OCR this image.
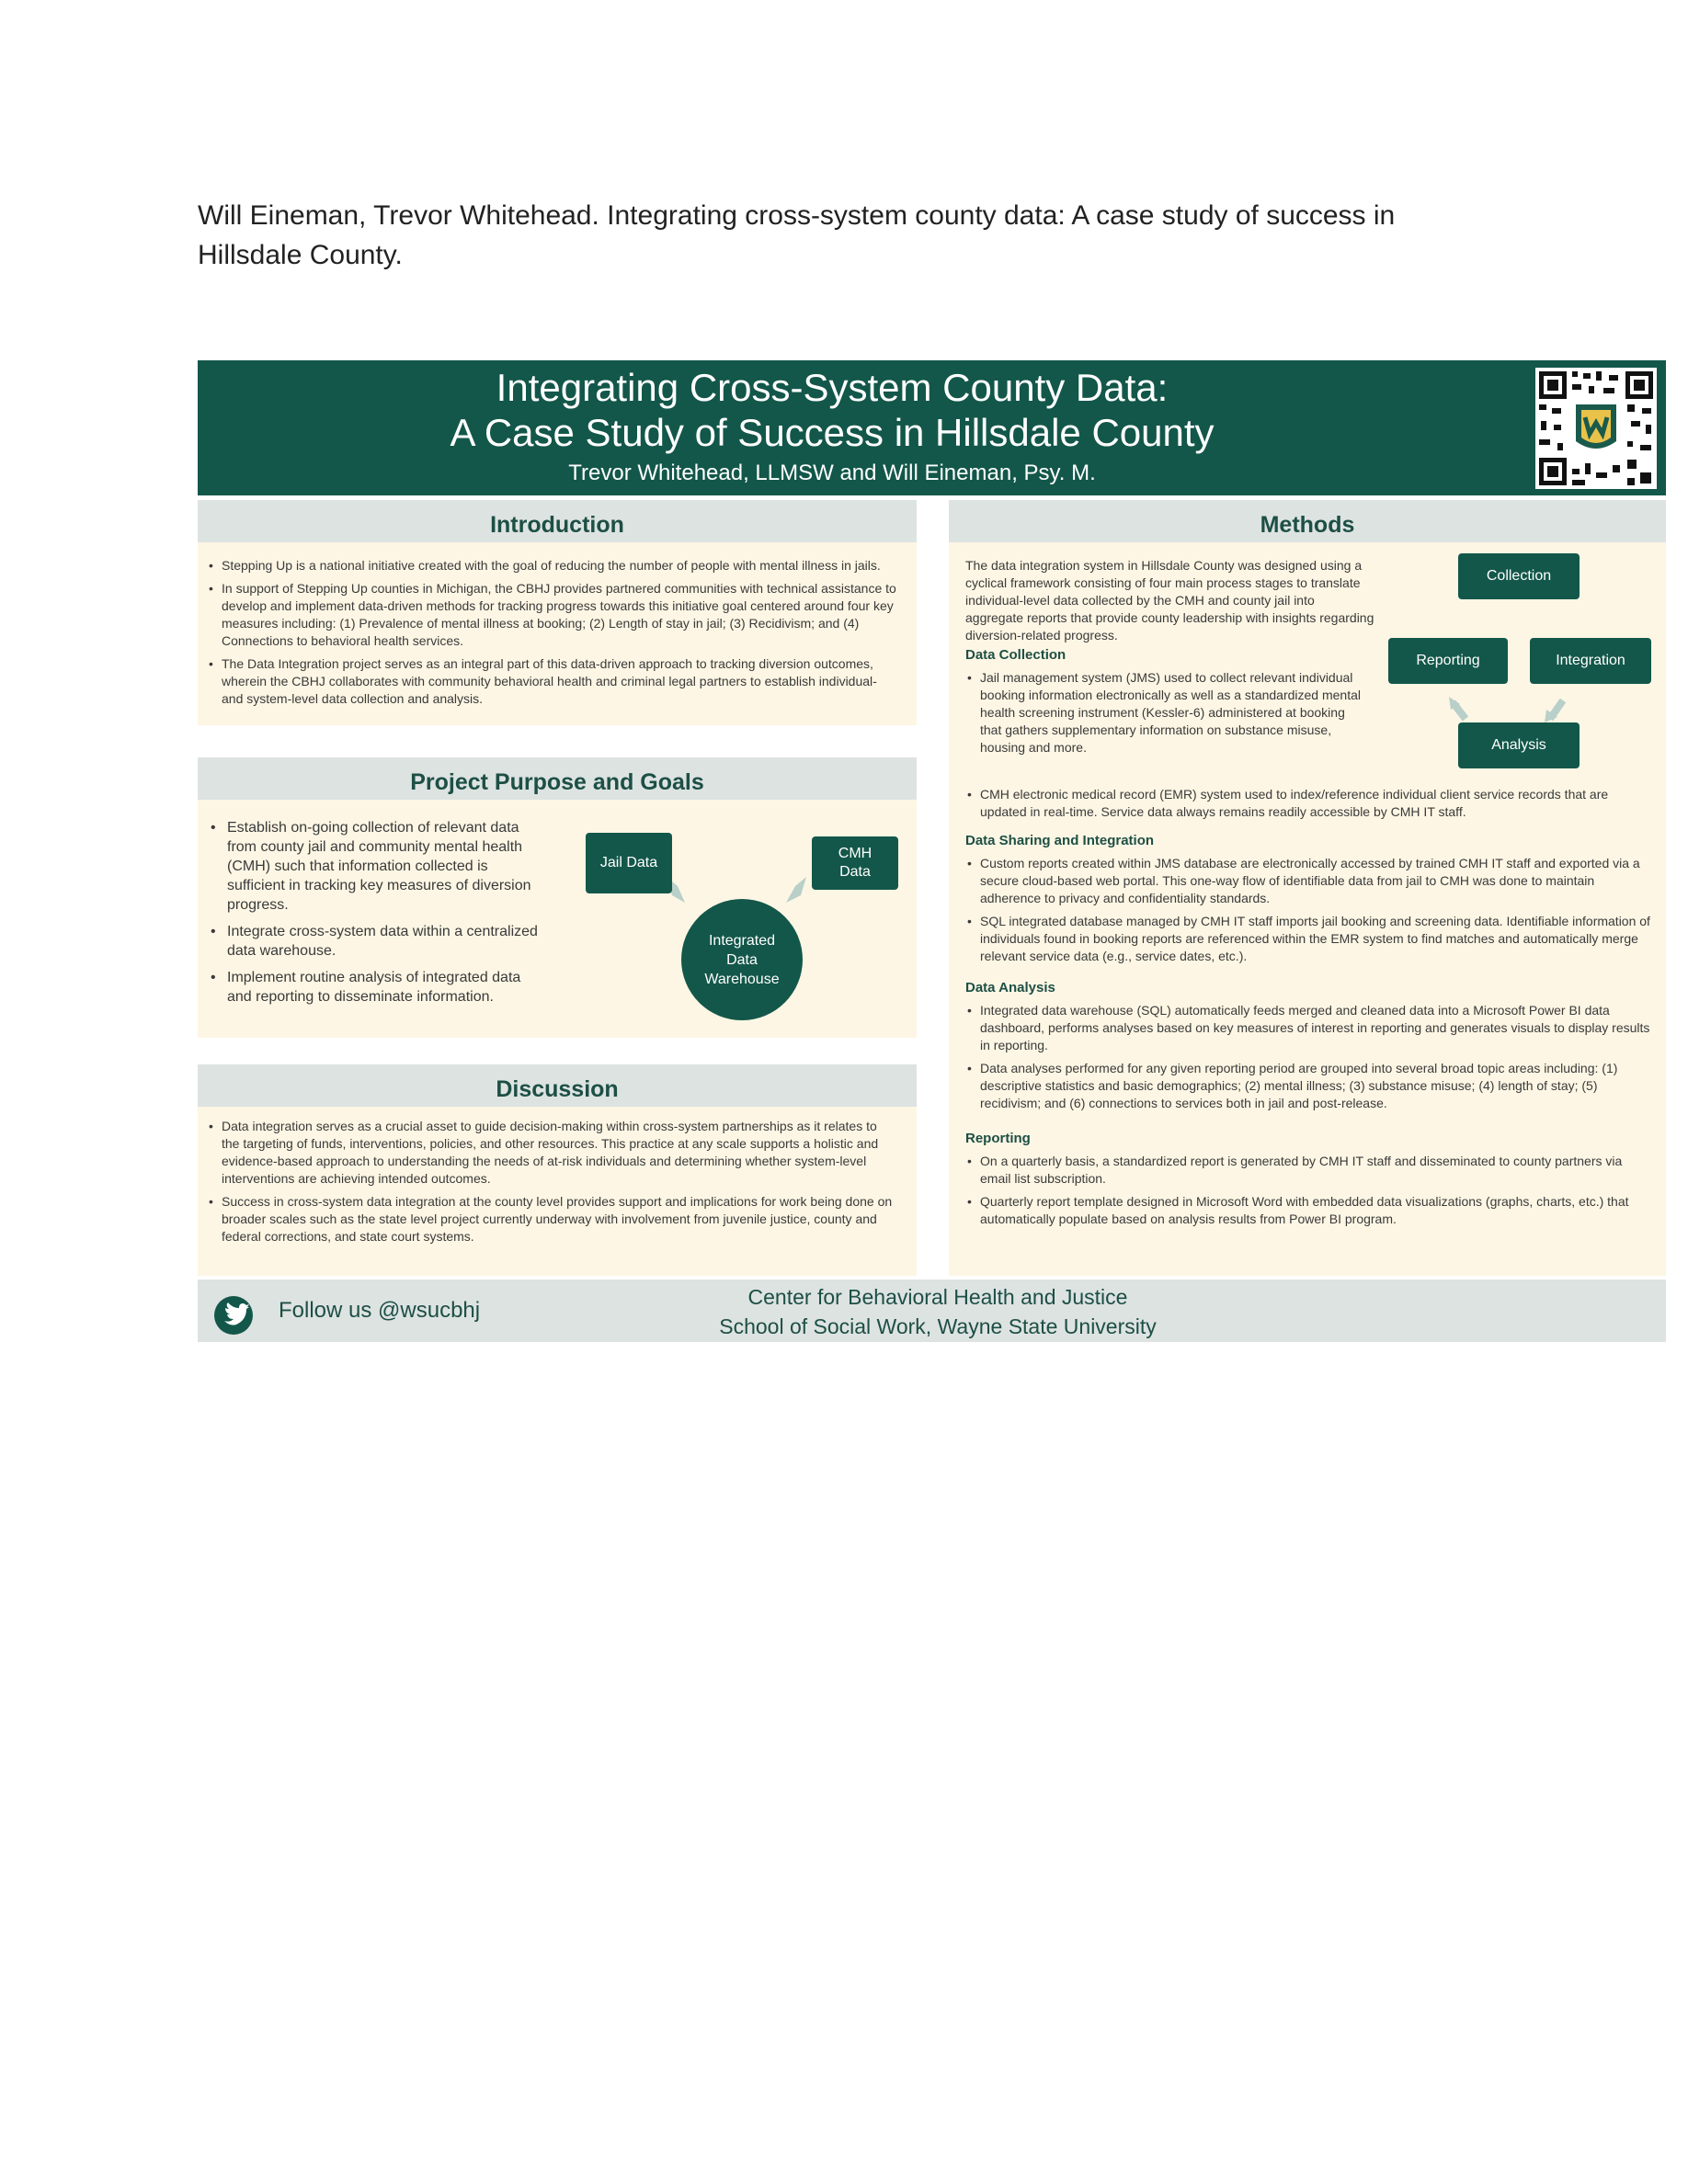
Will Eineman, Trevor Whitehead. Integrating cross-system county data: A case study of success in Hillsdale County.
Integrating Cross-System County Data:
A Case Study of Success in Hillsdale County
Trevor Whitehead, LLMSW and Will Eineman, Psy. M.
Introduction
• Stepping Up is a national initiative created with the goal of reducing the number of people with mental illness in jails.
• In support of Stepping Up counties in Michigan, the CBHJ provides partnered communities with technical assistance to develop and implement data-driven methods for tracking progress towards this initiative goal centered around four key measures including: (1) Prevalence of mental illness at booking; (2) Length of stay in jail; (3) Recidivism; and (4) Connections to behavioral health services.
• The Data Integration project serves as an integral part of this data-driven approach to tracking diversion outcomes, wherein the CBHJ collaborates with community behavioral health and criminal legal partners to establish individual- and system-level data collection and analysis.
Project Purpose and Goals
• Establish on-going collection of relevant data from county jail and community mental health (CMH) such that information collected is sufficient in tracking key measures of diversion progress.
• Integrate cross-system data within a centralized data warehouse.
• Implement routine analysis of integrated data and reporting to disseminate information.
Jail Data
CMH
Data
Integrated
Data
Warehouse
Discussion
• Data integration serves as a crucial asset to guide decision-making within cross-system partnerships as it relates to the targeting of funds, interventions, policies, and other resources. This practice at any scale supports a holistic and evidence-based approach to understanding the needs of at-risk individuals and determining whether system-level interventions are achieving intended outcomes.
• Success in cross-system data integration at the county level provides support and implications for work being done on broader scales such as the state level project currently underway with involvement from juvenile justice, county and federal corrections, and state court systems.
Methods
The data integration system in Hillsdale County was designed using a cyclical framework consisting of four main process stages to translate individual-level data collected by the CMH and county jail into aggregate reports that provide county leadership with insights regarding diversion-related progress.
Collection
Reporting	Integration
Analysis
Data Collection
• Jail management system (JMS) used to collect relevant individual booking information electronically as well as a standardized mental health screening instrument (Kessler-6) administered at booking that gathers supplementary information on substance misuse, housing and more.
• CMH electronic medical record (EMR) system used to index/reference individual client service records that are updated in real-time. Service data always remains readily accessible by CMH IT staff.
Data Sharing and Integration
• Custom reports created within JMS database are electronically accessed by trained CMH IT staff and exported via a secure cloud-based web portal. This one-way flow of identifiable data from jail to CMH was done to maintain adherence to privacy and confidentiality standards.
• SQL integrated database managed by CMH IT staff imports jail booking and screening data. Identifiable information of individuals found in booking reports are referenced within the EMR system to find matches and automatically merge relevant service data (e.g., service dates, etc.).
Data Analysis
• Integrated data warehouse (SQL) automatically feeds merged and cleaned data into a Microsoft Power BI data dashboard, performs analyses based on key measures of interest in reporting and generates visuals to display results in reporting.
• Data analyses performed for any given reporting period are grouped into several broad topic areas including: (1) descriptive statistics and basic demographics; (2) mental illness; (3) substance misuse; (4) length of stay; (5) recidivism; and (6) connections to services both in jail and post-release.
Reporting
• On a quarterly basis, a standardized report is generated by CMH IT staff and disseminated to county partners via email list subscription.
• Quarterly report template designed in Microsoft Word with embedded data visualizations (graphs, charts, etc.) that automatically populate based on analysis results from Power BI program.
Follow us @wsucbhj
Center for Behavioral Health and Justice
School of Social Work, Wayne State University
